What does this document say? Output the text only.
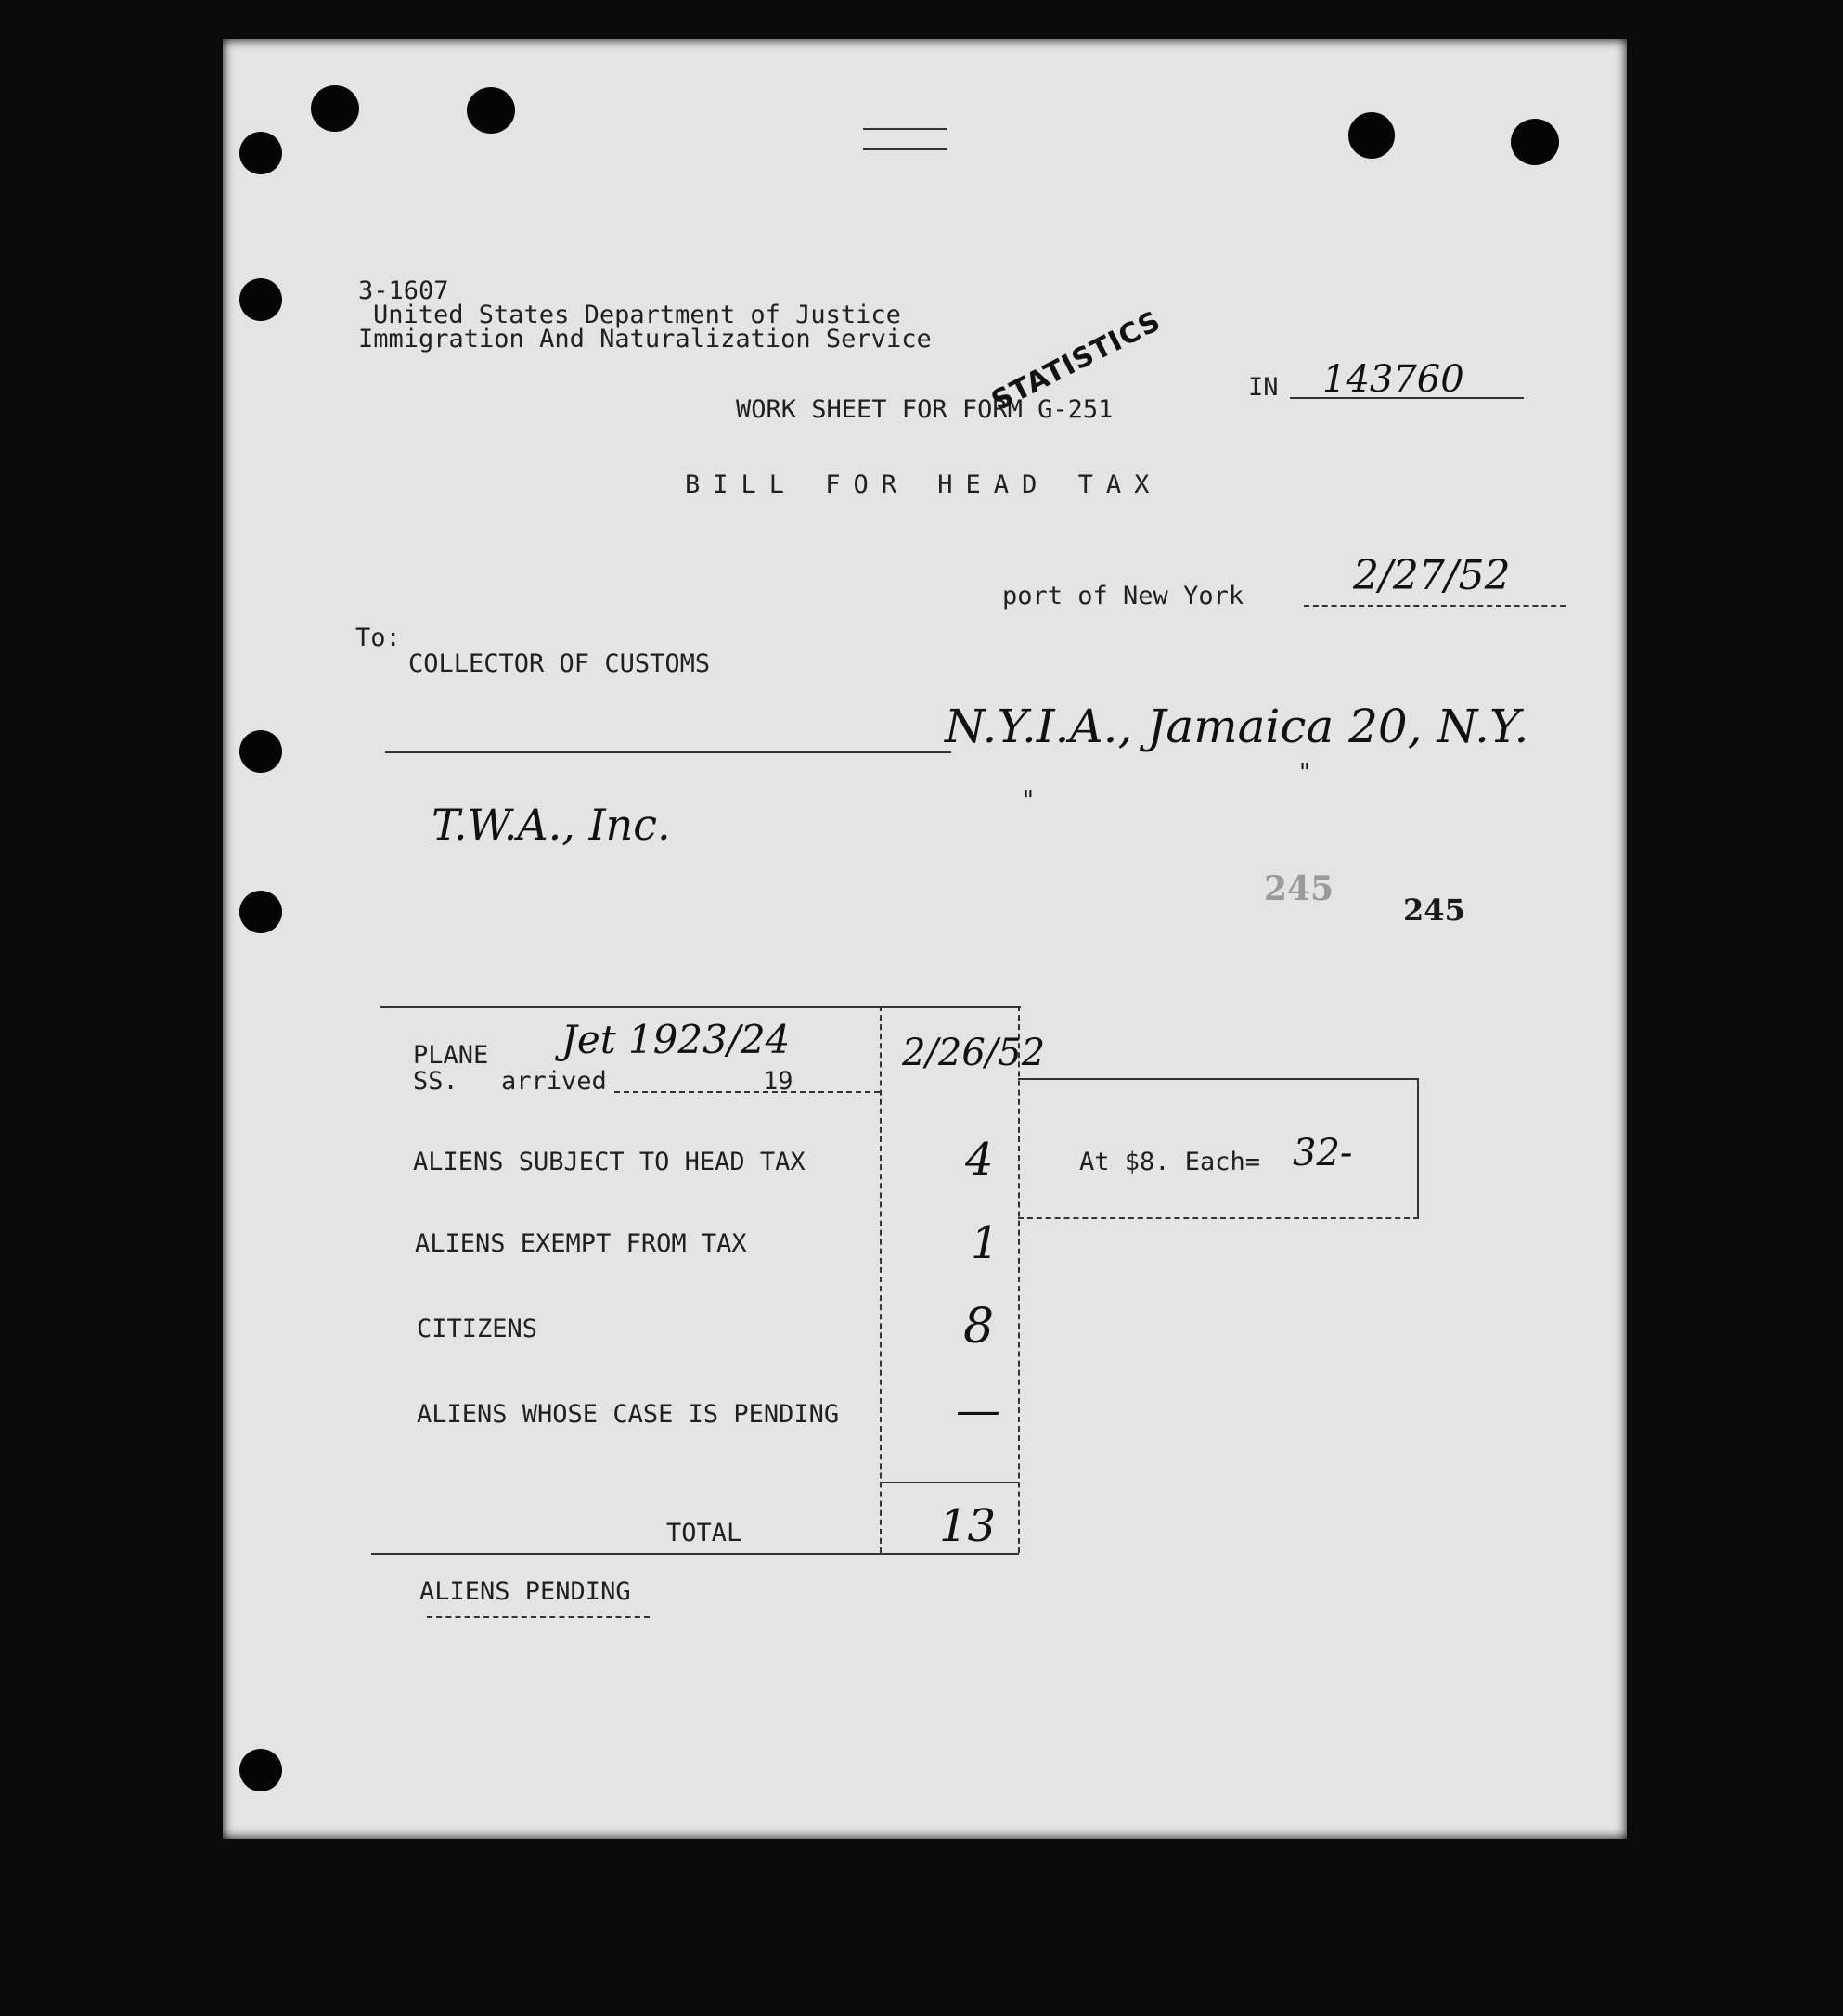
3-1607
United States Department of Justice
Immigration And Naturalization Service
WORK SHEET FOR FORM G-251
STATISTICS	IN 143760
BILL FOR HEAD TAX
port of New York	2/27/52
To:
COLLECTOR OF CUSTOMS
N.Y.I.A., Jamaica 20, N.Y.
"
"
T.W.A., Inc.
245
245
PLANE Jet 1923/24
SS. arrived	19
2/26/52
ALIENS SUBJECT TO HEAD TAX	4	At $8. Each= 32-
ALIENS EXEMPT FROM TAX	1
CITIZENS	8
ALIENS WHOSE CASE IS PENDING	—
TOTAL	13
ALIENS PENDING
